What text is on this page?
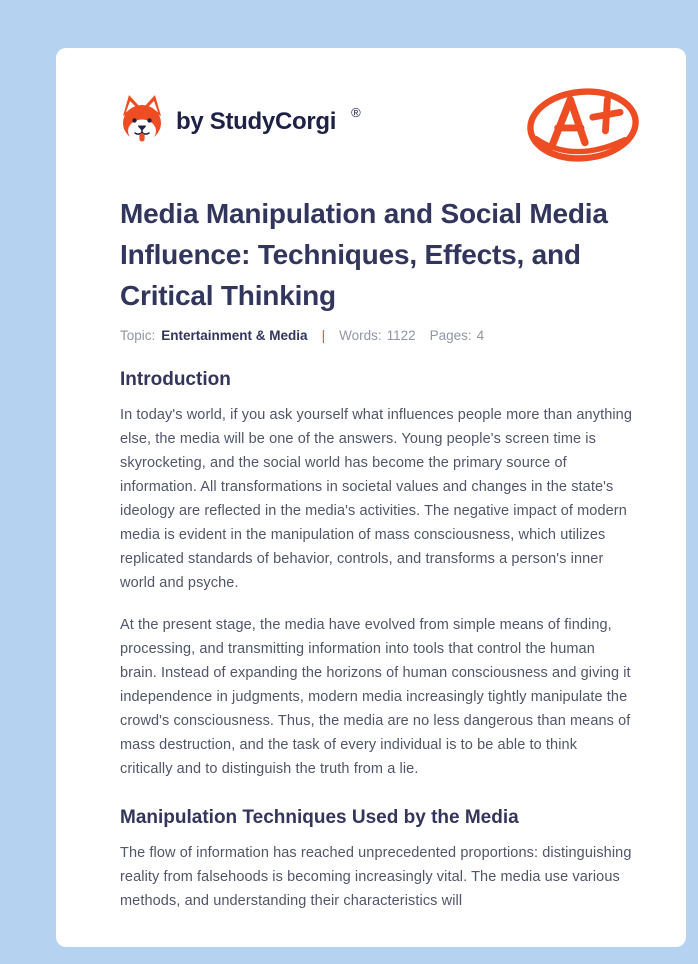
by StudyCorgi ®
Media Manipulation and Social Media Influence: Techniques, Effects, and Critical Thinking
Topic: Entertainment & Media | Words: 1122 Pages: 4
Introduction

In today's world, if you ask yourself what influences people more than anything else, the media will be one of the answers. Young people's screen time is skyrocketing, and the social world has become the primary source of information. All transformations in societal values and changes in the state's ideology are reflected in the media's activities. The negative impact of modern media is evident in the manipulation of mass consciousness, which utilizes replicated standards of behavior, controls, and transforms a person's inner world and psyche.

At the present stage, the media have evolved from simple means of finding, processing, and transmitting information into tools that control the human brain. Instead of expanding the horizons of human consciousness and giving it independence in judgments, modern media increasingly tightly manipulate the crowd's consciousness. Thus, the media are no less dangerous than means of mass destruction, and the task of every individual is to be able to think critically and to distinguish the truth from a lie.

Manipulation Techniques Used by the Media

The flow of information has reached unprecedented proportions: distinguishing reality from falsehoods is becoming increasingly vital. The media use various methods, and understanding their characteristics will
